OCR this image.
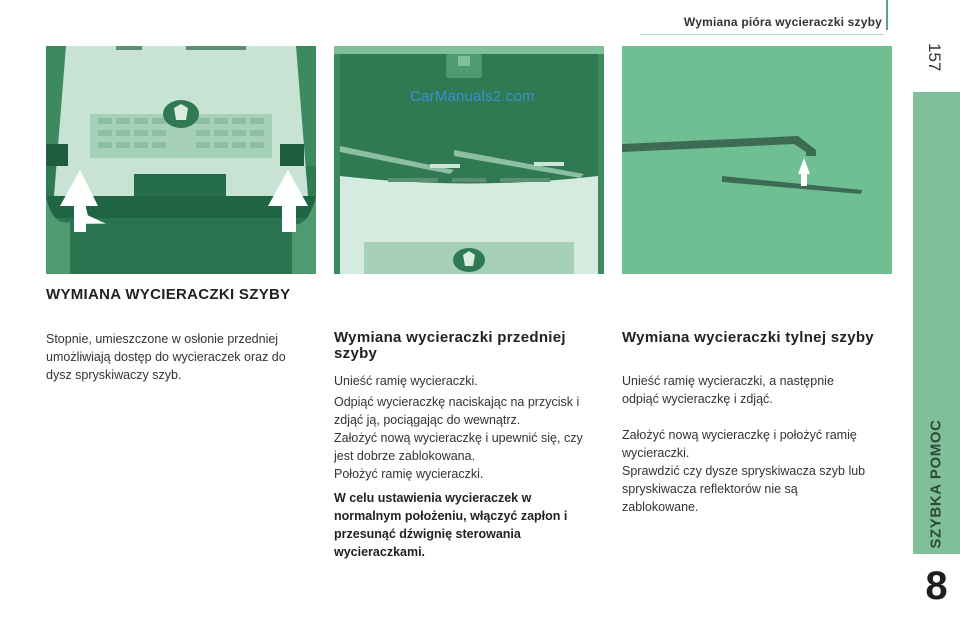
Wymiana pióra wycieraczki szyby
157
SZYBKA POMOC
8
CarManuals2.com
WYMIANA WYCIERACZKI SZYBY
Stopnie, umieszczone w osłonie przedniej umożliwiają dostęp do wycieraczek oraz do dysz spryskiwaczy szyb.
Wymiana wycieraczki przedniej szyby
Unieść ramię wycieraczki.
Odpiąć wycieraczkę naciskając na przycisk i zdjąć ją, pociągając do wewnątrz.
Założyć nową wycieraczkę i upewnić się, czy jest dobrze zablokowana.
Położyć ramię wycieraczki.
W celu ustawienia wycieraczek w normalnym położeniu, włączyć zapłon i przesunąć dźwignię sterowania wycieraczkami.
Wymiana wycieraczki tylnej szyby
Unieść ramię wycieraczki, a następnie odpiąć wycieraczkę i zdjąć.
Założyć nową wycieraczkę i położyć ramię wycieraczki.
Sprawdzić czy dysze spryskiwacza szyb lub spryskiwacza reflektorów nie są zablokowane.
